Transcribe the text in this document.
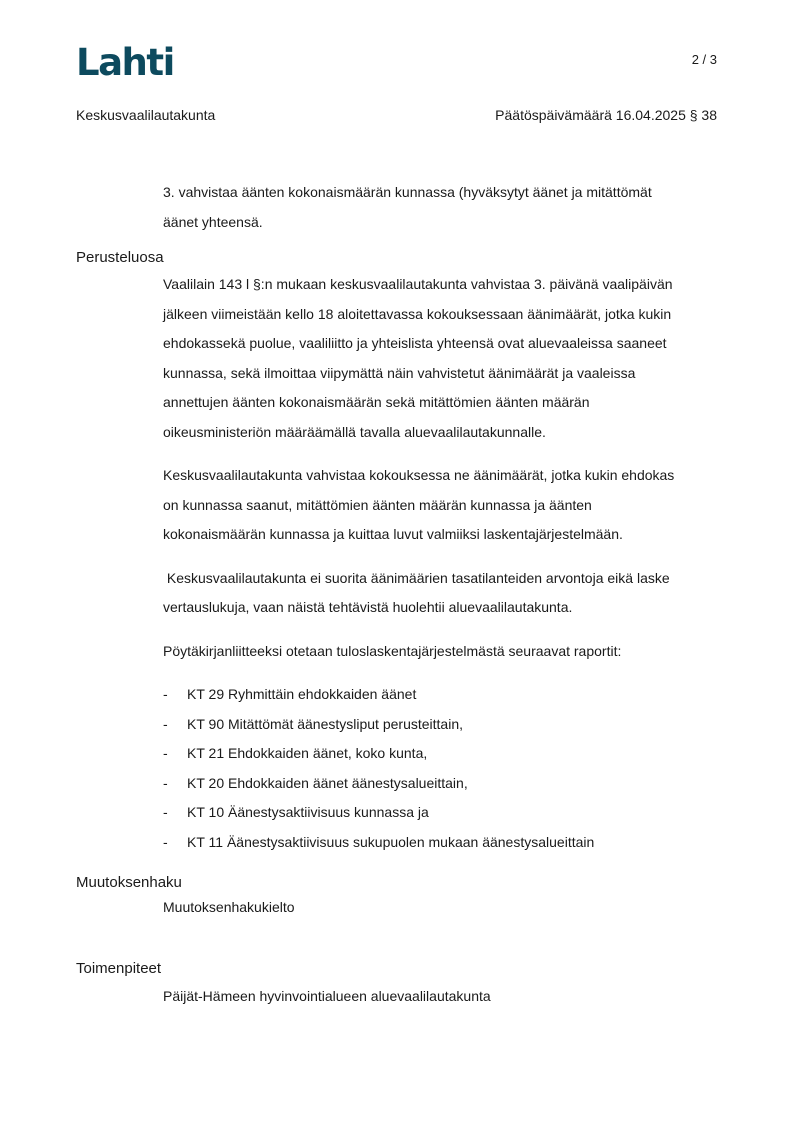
Lahti	2 / 3
Keskusvaalilautakunta	Päätöspäivämäärä 16.04.2025 § 38

3. vahvistaa äänten kokonaismäärän kunnassa (hyväksytyt äänet ja mitättömät

äänet yhteensä.

Perusteluosa

Vaalilain 143 l §:n mukaan keskusvaalilautakunta vahvistaa 3. päivänä vaalipäivän

jälkeen viimeistään kello 18 aloitettavassa kokouksessaan äänimäärät, jotka kukin

ehdokassekä puolue, vaaliliitto ja yhteislista yhteensä ovat aluevaaleissa saaneet

kunnassa, sekä ilmoittaa viipymättä näin vahvistetut äänimäärät ja vaaleissa

annettujen äänten kokonaismäärän sekä mitättömien äänten määrän

oikeusministeriön määräämällä tavalla aluevaalilautakunnalle.

Keskusvaalilautakunta vahvistaa kokouksessa ne äänimäärät, jotka kukin ehdokas

on kunnassa saanut, mitättömien äänten määrän kunnassa ja äänten

kokonaismäärän kunnassa ja kuittaa luvut valmiiksi laskentajärjestelmään.

Keskusvaalilautakunta ei suorita äänimäärien tasatilanteiden arvontoja eikä laske

vertauslukuja, vaan näistä tehtävistä huolehtii aluevaalilautakunta.

Pöytäkirjanliitteeksi otetaan tuloslaskentajärjestelmästä seuraavat raportit:

-	KT 29 Ryhmittäin ehdokkaiden äänet
-	KT 90 Mitättömät äänestysliput perusteittain,
-	KT 21 Ehdokkaiden äänet, koko kunta,
-	KT 20 Ehdokkaiden äänet äänestysalueittain,
-	KT 10 Äänestysaktiivisuus kunnassa ja
-	KT 11 Äänestysaktiivisuus sukupuolen mukaan äänestysalueittain

Muutoksenhaku

Muutoksenhakukielto

Toimenpiteet

Päijät-Hämeen hyvinvointialueen aluevaalilautakunta
